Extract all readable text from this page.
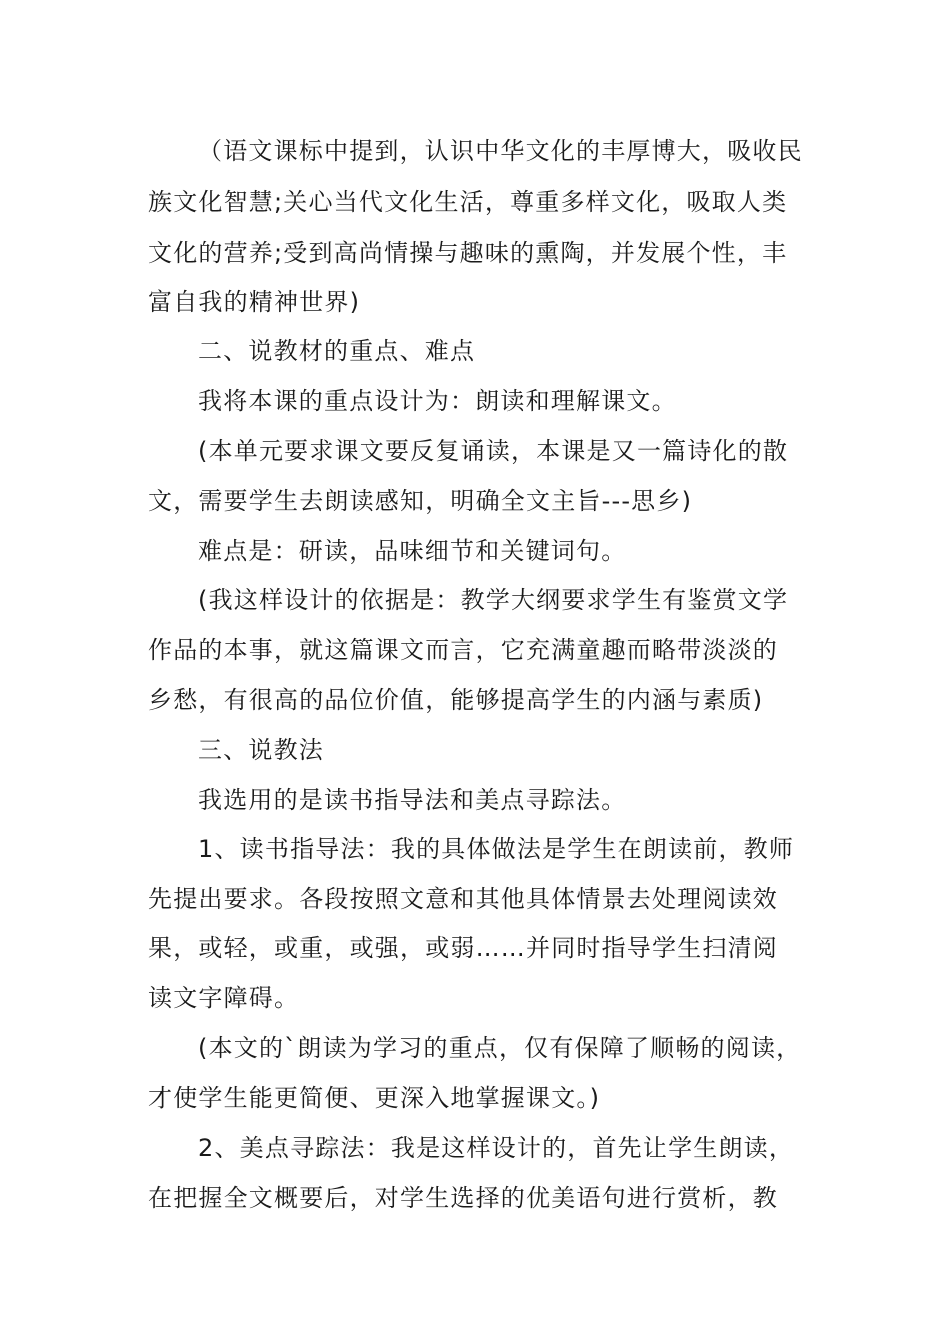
（语文课标中提到，认识中华文化的丰厚博大，吸收民
族文化智慧;关心当代文化生活，尊重多样文化，吸取人类
文化的营养;受到高尚情操与趣味的熏陶，并发展个性，丰
富自我的精神世界)
二、说教材的重点、难点
我将本课的重点设计为：朗读和理解课文。
(本单元要求课文要反复诵读，本课是又一篇诗化的散
文，需要学生去朗读感知，明确全文主旨---思乡)
难点是：研读，品味细节和关键词句。
(我这样设计的依据是：教学大纲要求学生有鉴赏文学
作品的本事，就这篇课文而言，它充满童趣而略带淡淡的
乡愁，有很高的品位价值，能够提高学生的内涵与素质)
三、说教法
我选用的是读书指导法和美点寻踪法。
1、读书指导法：我的具体做法是学生在朗读前，教师
先提出要求。各段按照文意和其他具体情景去处理阅读效
果，或轻，或重，或强，或弱……并同时指导学生扫清阅
读文字障碍。
(本文的`朗读为学习的重点，仅有保障了顺畅的阅读，
才使学生能更简便、更深入地掌握课文。)
2、美点寻踪法：我是这样设计的，首先让学生朗读，
在把握全文概要后，对学生选择的优美语句进行赏析，教
